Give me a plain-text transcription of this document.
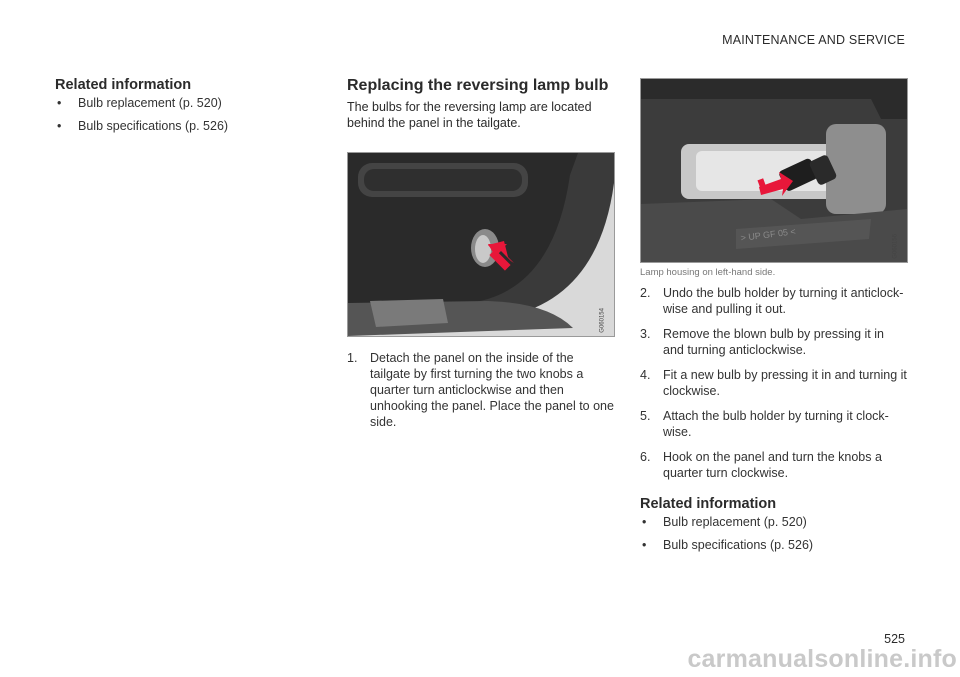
MAINTENANCE AND SERVICE
Related information
• Bulb replacement (p. 520)
• Bulb specifications (p. 526)
Replacing the reversing lamp bulb

The bulbs for the reversing lamp are located behind the panel in the tailgate.

G060154
1. Detach the panel on the inside of the tailgate by first turning the two knobs a quarter turn anticlockwise and then unhooking the panel. Place the panel to one side.
> UP GF 05 <	G060156
Lamp housing on left-hand side.
2. Undo the bulb holder by turning it anticlock-wise and pulling it out.
3. Remove the blown bulb by pressing it in and turning anticlockwise.
4. Fit a new bulb by pressing it in and turning it clockwise.
5. Attach the bulb holder by turning it clock-wise.
6. Hook on the panel and turn the knobs a quarter turn clockwise.
Related information
• Bulb replacement (p. 520)
• Bulb specifications (p. 526)
525
carmanualsonline.info
